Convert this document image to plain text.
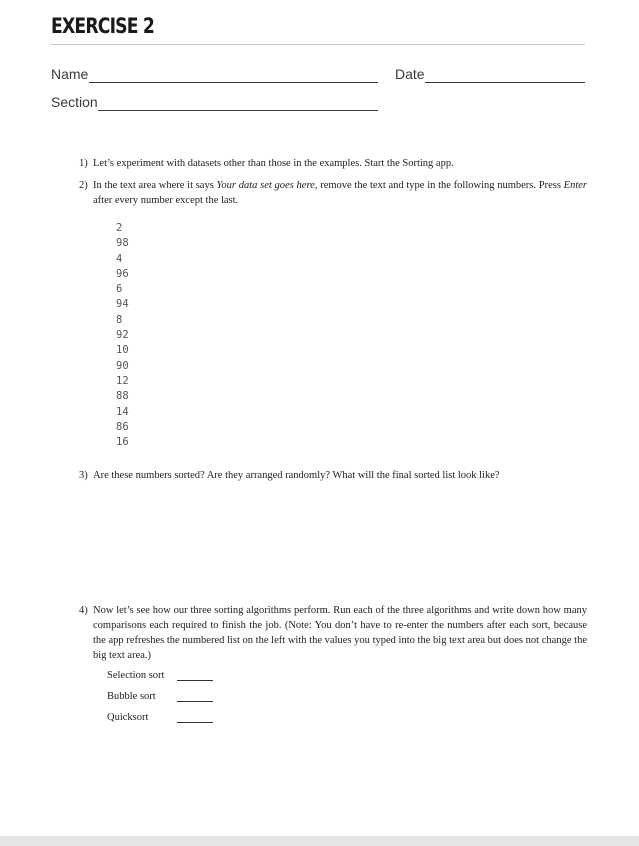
EXERCISE 2
Name	Date
Section
1) Let’s experiment with datasets other than those in the examples. Start the Sorting app.
2) In the text area where it says Your data set goes here, remove the text and type in the following numbers. Press Enter after every number except the last.
2
98
4
96
6
94
8
92
10
90
12
88
14
86
16
3) Are these numbers sorted? Are they arranged randomly? What will the final sorted list look like?
4) Now let’s see how our three sorting algorithms perform. Run each of the three algorithms and write down how many comparisons each required to finish the job. (Note: You don’t have to re-enter the numbers after each sort, because the app refreshes the numbered list on the left with the values you typed into the big text area but does not change the big text area.)
Selection sort
Bubble sort
Quicksort
